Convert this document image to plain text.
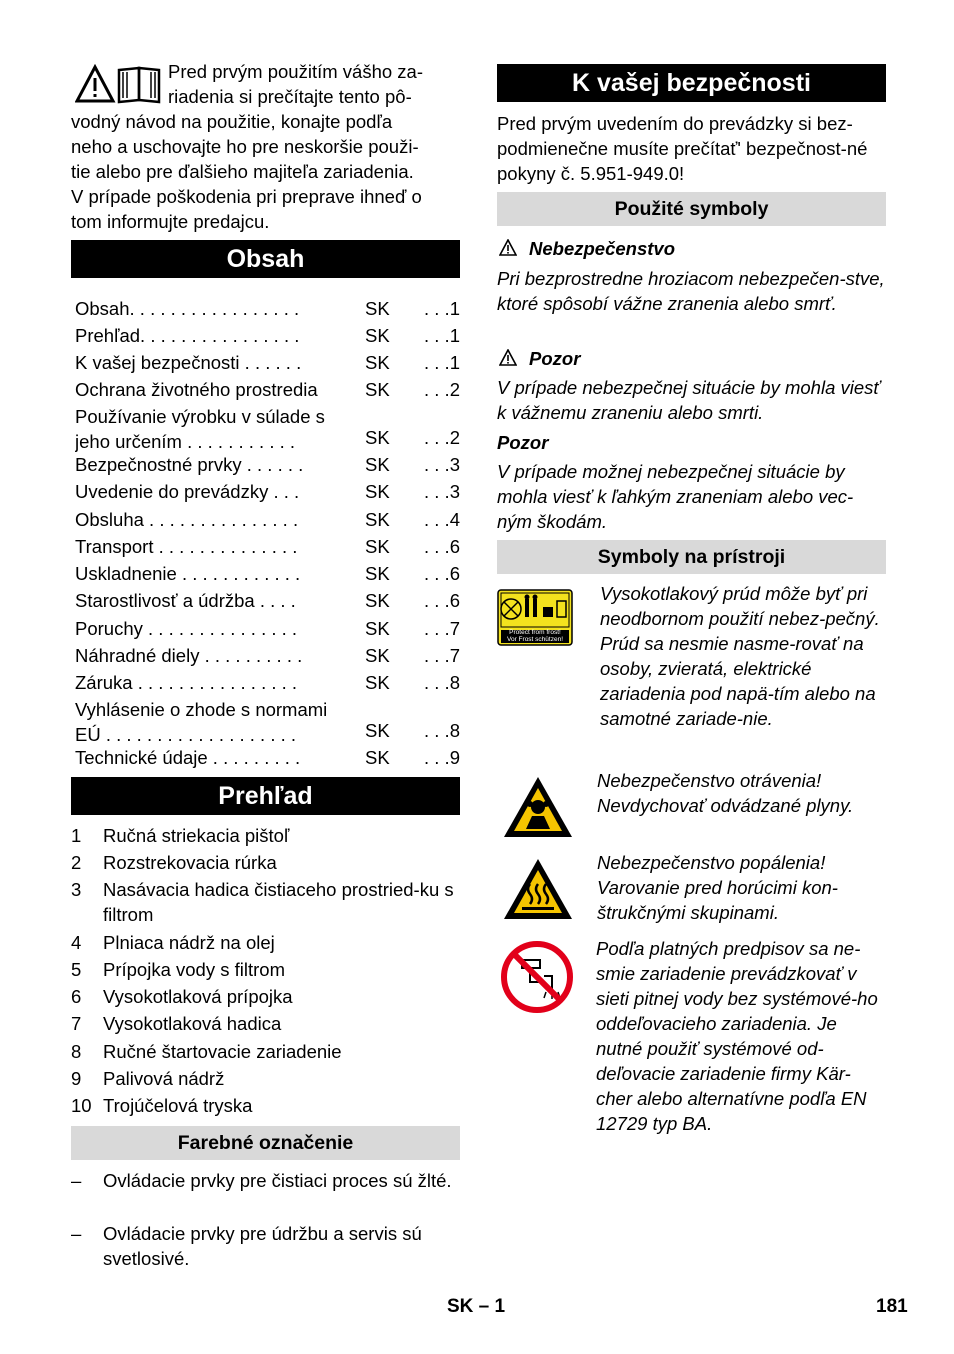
Pred prvým použitím vášho za-

riadenia si prečítajte tento pô-

vodný návod na použitie, konajte podľa

neho a uschovajte ho pre neskoršie použi-

tie alebo pre ďalšieho majiteľa zariadenia.

V prípade poškodenia pri preprave ihneď o

tom informujte predajcu.

Obsah
Obsah. . . . . . . . . . . . . . . . .	SK . . .1
Prehľad. . . . . . . . . . . . . . . .	SK . . .1
K vašej bezpečnosti . . . . . .	SK . . .1
Ochrana životného prostredia	SK . . .2
Používanie výrobku v súlade s jeho určením . . . . . . . . . . .	SK . . .2
Bezpečnostné prvky . . . . . .	SK . . .3
Uvedenie do prevádzky . . .	SK . . .3
Obsluha . . . . . . . . . . . . . . .	SK . . .4
Transport . . . . . . . . . . . . . .	SK . . .6
Uskladnenie . . . . . . . . . . . .	SK . . .6
Starostlivosť a údržba . . . .	SK . . .6
Poruchy . . . . . . . . . . . . . . .	SK . . .7
Náhradné diely . . . . . . . . . .	SK . . .7
Záruka . . . . . . . . . . . . . . . .	SK . . .8
Vyhlásenie o zhode s normami EÚ . . . . . . . . . . . . . . . . . . .	SK . . .8
Technické údaje . . . . . . . . .	SK . . .9
Prehľad
1 Ručná striekacia pištoľ
2 Rozstrekovacia rúrka
3 Nasávacia hadica čistiaceho prostried-ku s filtrom
4 Plniaca nádrž na olej
5 Prípojka vody s filtrom
6 Vysokotlaková prípojka
7 Vysokotlaková hadica
8 Ručné štartovacie zariadenie
9 Palivová nádrž
10 Trojúčelová tryska
Farebné označenie
– Ovládacie prvky pre čistiaci proces sú žlté.
– Ovládacie prvky pre údržbu a servis sú svetlosivé.
K vašej bezpečnosti

Pred prvým uvedením do prevádzky si bez-podmienečne musíte prečítať' bezpečnost-né pokyny č. 5.951-949.0!

Použité symboly
Nebezpečenstvo

Pri bezprostredne hroziacom nebezpečen-stve, ktoré spôsobí vážne zranenia alebo smrť.

Pozor

V prípade nebezpečnej situácie by mohla viesť k vážnemu zraneniu alebo smrti.

Pozor

V prípade možnej nebezpečnej situácie by mohla viesť k ľahkým zraneniam alebo vec-ným škodám.

Symboly na prístroji
Protect from frost!
Vor Frost schützen!

Vysokotlakový prúd môže byť pri neodbornom použití nebez-pečný. Prúd sa nesmie nasme-rovať na osoby, zvieratá, elektrické zariadenia pod napä-tím alebo na samotné zariade-nie.

Nebezpečenstvo otrávenia! Nevdychovať odvádzané plyny.

Nebezpečenstvo popálenia! Varovanie pred horúcimi kon-štrukčnými skupinami.

Podľa platných predpisov sa ne-smie zariadenie prevádzkovať v sieti pitnej vody bez systémové-ho oddeľovacieho zariadenia. Je nutné použiť systémové od-deľovacie zariadenie firmy Kär-cher alebo alternatívne podľa EN 12729 typ BA.

SK – 1	181
